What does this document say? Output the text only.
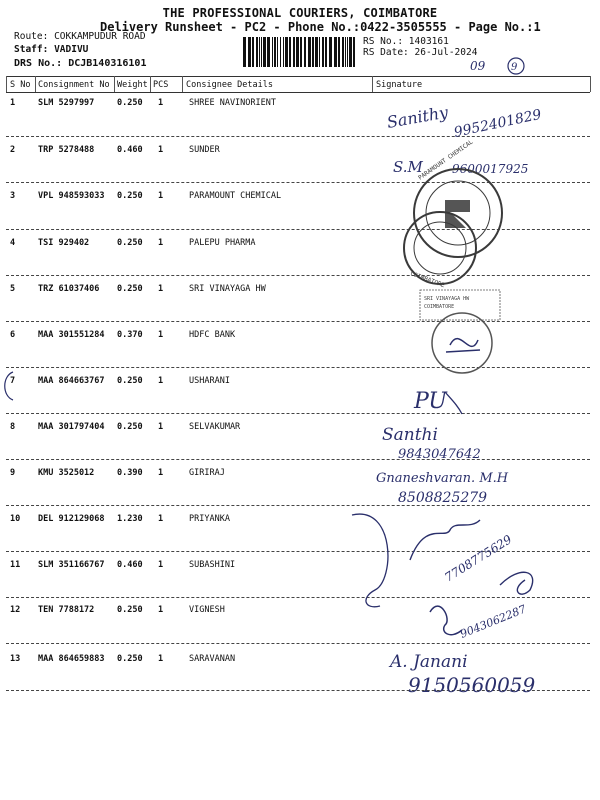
THE PROFESSIONAL COURIERS, COIMBATORE
Delivery Runsheet - PC2 - Phone No.:0422-3505555 - Page No.:1
Route: COKKAMPUDUR ROAD
Staff: VADIVU
DRS No.: DCJB140316101
RS No.: 1403161
RS Date: 26-Jul-2024
S No Consignment No Weight PCS Consignee Details	Signature
1	SLM 5297997	0.250 1	SHREE NAVINORIENT
2	TRP 5278488	0.460 1	SUNDER
3	VPL 948593033 0.250 1	PARAMOUNT CHEMICAL
4	TSI 929402	0.250 1	PALEPU PHARMA
5	TRZ 61037406 0.250 1	SRI VINAYAGA HW
6	MAA 301551284 0.370 1	HDFC BANK
7	MAA 864663767 0.250 1	USHARANI
8	MAA 301797404 0.250 1	SELVAKUMAR
9	KMU 3525012	0.390 1	GIRIRAJ
10 DEL 912129068 1.230 1	PRIYANKA
11 SLM 351166767 0.460 1	SUBASHINI
12 TEN 7788172	0.250 1	VIGNESH
13 MAA 864659883 0.250 1	SARAVANAN
09	9
Sanithy 9952401829
S.M 9600017925
PARAMOUNT CHEMICAL
COIMBATORE
SRI VINAYAGA HW
COIMBATORE
PU
Santhi
9843047642
Gnaneshvaran. M.H
8508825279
7708775629
9043062287
A. Janani
9150560059
